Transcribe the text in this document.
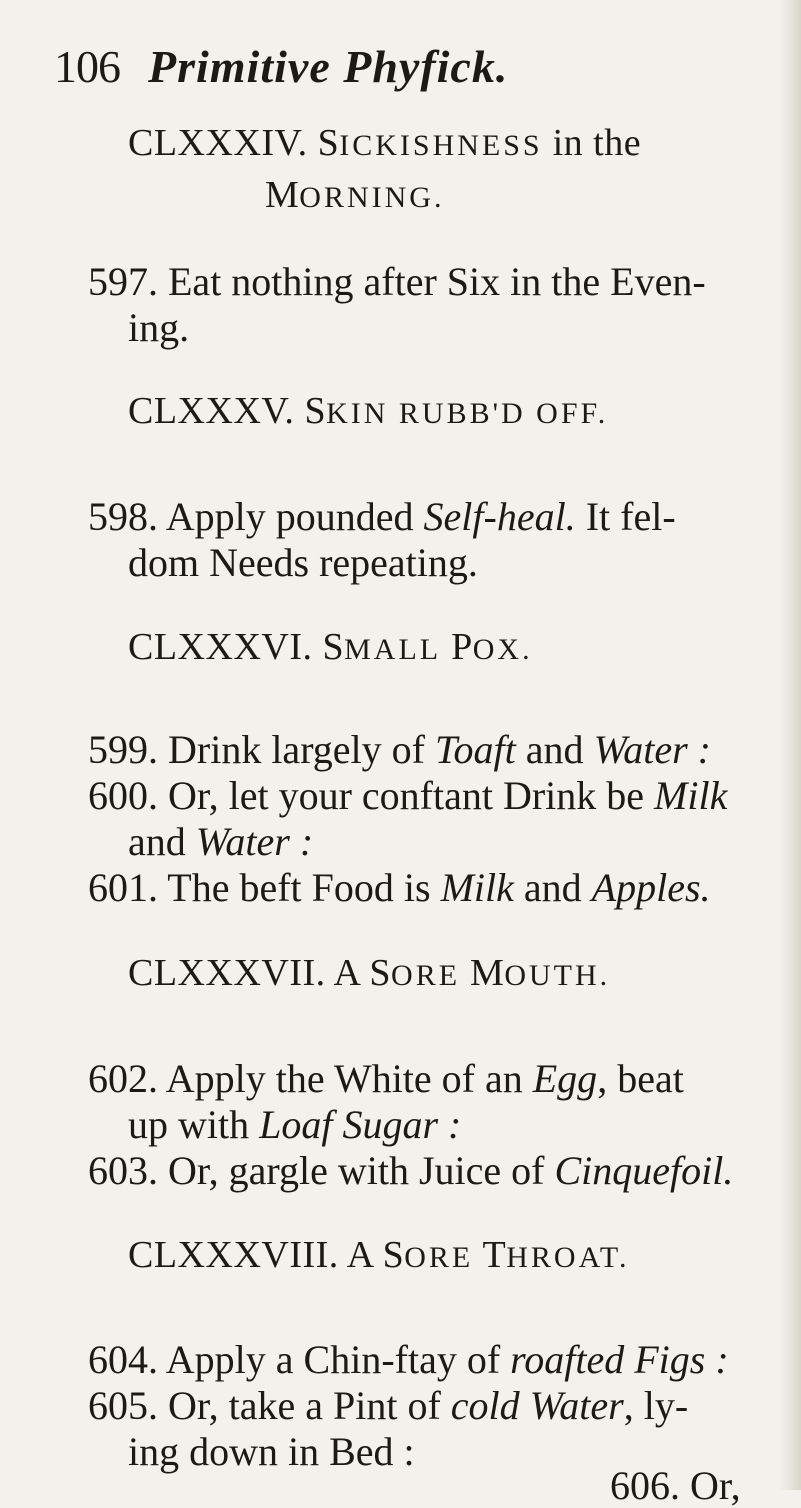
106 Primitive Phyfick.
CLXXXIV. SICKISHNESS in the
MORNING.
597. Eat nothing after Six in the Even-
ing.
CLXXXV. SKIN RUBB'D OFF.
598. Apply pounded Self-heal. It fel-
dom Needs repeating.
CLXXXVI. SMALL POX.
599. Drink largely of Toaft and Water :
600. Or, let your conftant Drink be Milk
and Water :
601. The beft Food is Milk and Apples.
CLXXXVII. A SORE MOUTH.
602. Apply the White of an Egg, beat
up with Loaf Sugar :
603. Or, gargle with Juice of Cinquefoil.
CLXXXVIII. A SORE THROAT.
604. Apply a Chin-ftay of roafted Figs :
605. Or, take a Pint of cold Water, ly-
ing down in Bed :
606. Or,
